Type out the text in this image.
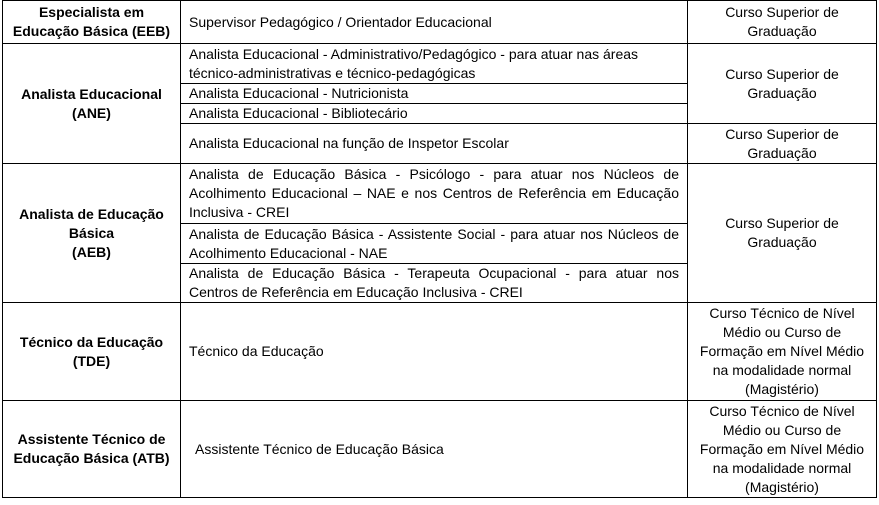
Especialista em
Educação Básica (EEB)
Supervisor Pedagógico / Orientador Educacional
Curso Superior de Graduação
Analista Educacional
(ANE)
Analista Educacional - Administrativo/Pedagógico - para atuar nas áreas técnico-administrativas e técnico-pedagógicas
Analista Educacional - Nutricionista
Analista Educacional - Bibliotecário
Analista Educacional na função de Inspetor Escolar
Curso Superior de Graduação
Curso Superior de Graduação
Analista de Educação
Básica
(AEB)
Analista de Educação Básica - Psicólogo - para atuar nos Núcleos de Acolhimento Educacional – NAE e nos Centros de Referência em Educação Inclusiva - CREI
Analista de Educação Básica - Assistente Social - para atuar nos Núcleos de Acolhimento Educacional - NAE
Analista de Educação Básica - Terapeuta Ocupacional - para atuar nos Centros de Referência em Educação Inclusiva - CREI
Curso Superior de Graduação
Técnico da Educação
(TDE)
Técnico da Educação
Curso Técnico de Nível Médio ou Curso de Formação em Nível Médio na modalidade normal (Magistério)
Assistente Técnico de
Educação Básica (ATB)
Assistente Técnico de Educação Básica
Curso Técnico de Nível Médio ou Curso de Formação em Nível Médio na modalidade normal (Magistério)
